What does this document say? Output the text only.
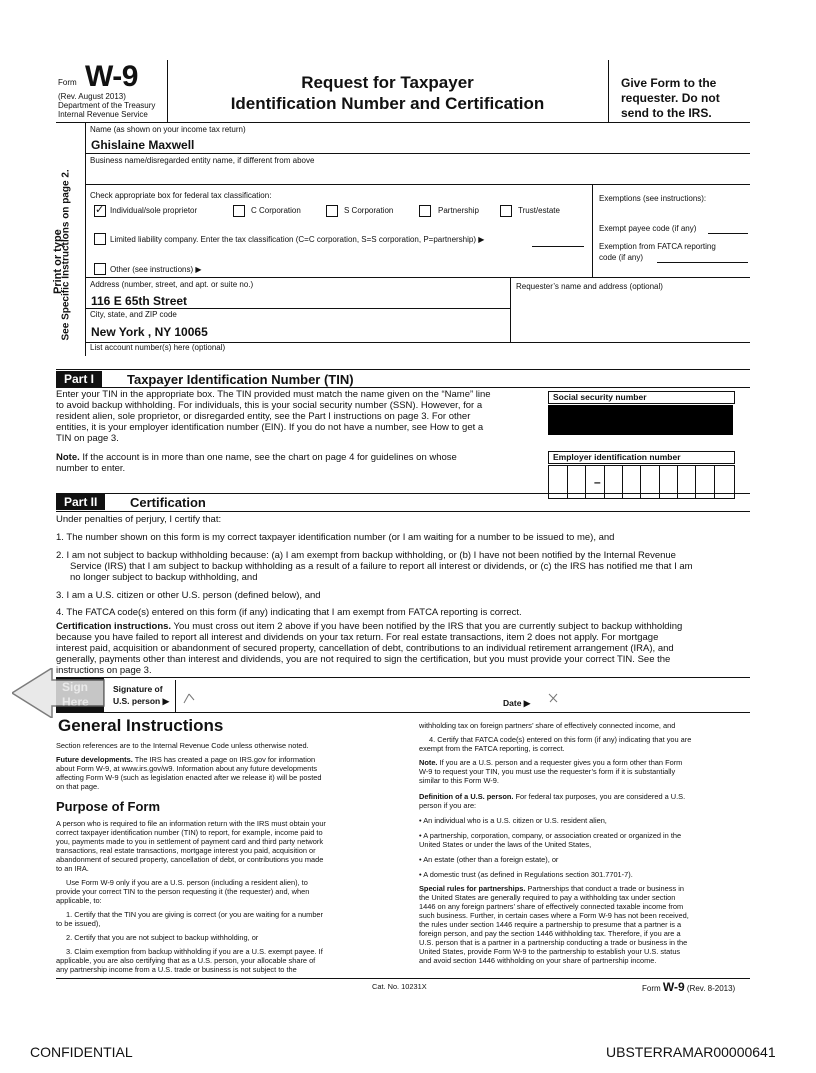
Form W-9
(Rev. August 2013)
Department of the Treasury
Internal Revenue Service
Request for Taxpayer
Identification Number and Certification
Give Form to the
requester. Do not
send to the IRS.
Print or type
See Specific Instructions on page 2.
Name (as shown on your income tax return)
Ghislaine Maxwell
Business name/disregarded entity name, if different from above
Check appropriate box for federal tax classification:
✓
Individual/sole proprietor	C Corporation	S Corporation	Partnership	Trust/estate
Limited liability company. Enter the tax classification (C=C corporation, S=S corporation, P=partnership) ▶
Other (see instructions) ▶
Exemptions (see instructions):
Exempt payee code (if any)
Exemption from FATCA reporting
code (if any)
Address (number, street, and apt. or suite no.)
116 E 65th Street
Requester’s name and address (optional)
City, state, and ZIP code
New York , NY 10065
List account number(s) here (optional)
Part I	Taxpayer Identification Number (TIN)
Enter your TIN in the appropriate box. The TIN provided must match the name given on the “Name” line
to avoid backup withholding. For individuals, this is your social security number (SSN). However, for a
resident alien, sole proprietor, or disregarded entity, see the Part I instructions on page 3. For other
entities, it is your employer identification number (EIN). If you do not have a number, see How to get a
TIN on page 3.
Note. If the account is in more than one name, see the chart on page 4 for guidelines on whose
number to enter.
Social security number
Employer identification number
–
Part II	Certification
Under penalties of perjury, I certify that:
1. The number shown on this form is my correct taxpayer identification number (or I am waiting for a number to be issued to me), and
2. I am not subject to backup withholding because: (a) I am exempt from backup withholding, or (b) I have not been notified by the Internal Revenue
Service (IRS) that I am subject to backup withholding as a result of a failure to report all interest or dividends, or (c) the IRS has notified me that I am
no longer subject to backup withholding, and
3. I am a U.S. citizen or other U.S. person (defined below), and
4. The FATCA code(s) entered on this form (if any) indicating that I am exempt from FATCA reporting is correct.
Certification instructions. You must cross out item 2 above if you have been notified by the IRS that you are currently subject to backup withholding
because you have failed to report all interest and dividends on your tax return. For real estate transactions, item 2 does not apply. For mortgage
interest paid, acquisition or abandonment of secured property, cancellation of debt, contributions to an individual retirement arrangement (IRA), and
generally, payments other than interest and dividends, you are not required to sign the certification, but you must provide your correct TIN. See the
instructions on page 3.
Signature of
U.S. person ▶	Date ▶
General Instructions
Section references are to the Internal Revenue Code unless otherwise noted.
Future developments. The IRS has created a page on IRS.gov for information
about Form W-9, at www.irs.gov/w9. Information about any future developments
affecting Form W-9 (such as legislation enacted after we release it) will be posted
on that page.
Purpose of Form
A person who is required to file an information return with the IRS must obtain your
correct taxpayer identification number (TIN) to report, for example, income paid to
you, payments made to you in settlement of payment card and third party network
transactions, real estate transactions, mortgage interest you paid, acquisition or
abandonment of secured property, cancellation of debt, or contributions you made
to an IRA.
Use Form W-9 only if you are a U.S. person (including a resident alien), to
provide your correct TIN to the person requesting it (the requester) and, when
applicable, to:
1. Certify that the TIN you are giving is correct (or you are waiting for a number
to be issued),
2. Certify that you are not subject to backup withholding, or
3. Claim exemption from backup withholding if you are a U.S. exempt payee. If
applicable, you are also certifying that as a U.S. person, your allocable share of
any partnership income from a U.S. trade or business is not subject to the
withholding tax on foreign partners’ share of effectively connected income, and
4. Certify that FATCA code(s) entered on this form (if any) indicating that you are
exempt from the FATCA reporting, is correct.
Note. If you are a U.S. person and a requester gives you a form other than Form
W-9 to request your TIN, you must use the requester’s form if it is substantially
similar to this Form W-9.
Definition of a U.S. person. For federal tax purposes, you are considered a U.S.
person if you are:
• An individual who is a U.S. citizen or U.S. resident alien,
• A partnership, corporation, company, or association created or organized in the
United States or under the laws of the United States,
• An estate (other than a foreign estate), or
• A domestic trust (as defined in Regulations section 301.7701-7).
Special rules for partnerships. Partnerships that conduct a trade or business in
the United States are generally required to pay a withholding tax under section
1446 on any foreign partners’ share of effectively connected taxable income from
such business. Further, in certain cases where a Form W-9 has not been received,
the rules under section 1446 require a partnership to presume that a partner is a
foreign person, and pay the section 1446 withholding tax. Therefore, if you are a
U.S. person that is a partner in a partnership conducting a trade or business in the
United States, provide Form W-9 to the partnership to establish your U.S. status
and avoid section 1446 withholding on your share of partnership income.
Cat. No. 10231X	Form W-9 (Rev. 8-2013)
CONFIDENTIAL	UBSTERRAMAR00000641
